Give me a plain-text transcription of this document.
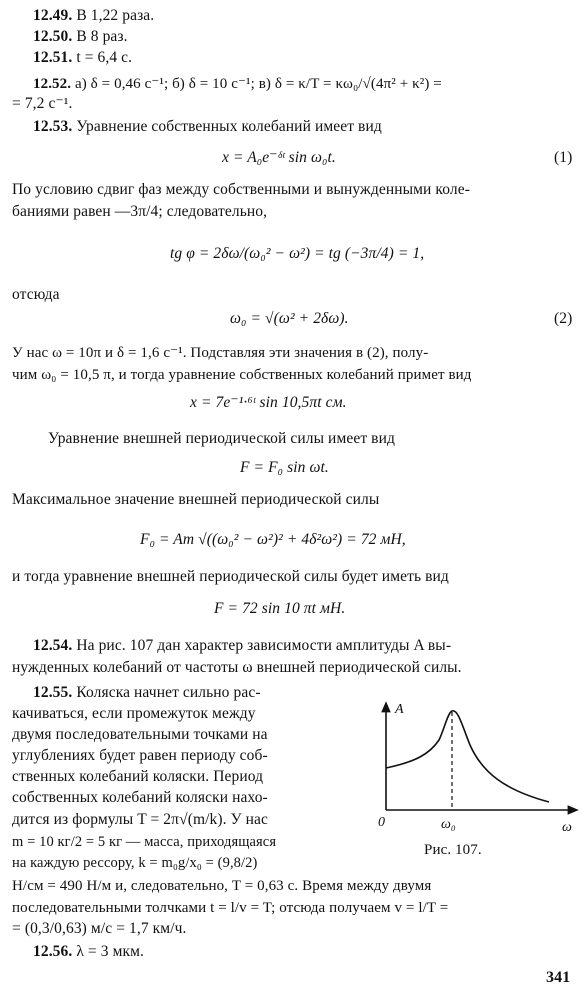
12.49. В 1,22 раза.
12.50. В 8 раз.
12.51. t = 6,4 с.
12.52. а) δ = 0,46 с⁻¹; б) δ = 10 с⁻¹; в) δ = κ/T = κω₀/√(4π² + κ²) =
= 7,2 с⁻¹.
12.53. Уравнение собственных колебаний имеет вид
x = A₀e⁻ᵟᵗ sin ω₀t.	(1)
По условию сдвиг фаз между собственными и вынужденными коле-
баниями равен —3π/4; следовательно,
tg φ = 2δω/(ω₀² − ω²) = tg (−3π/4) = 1,
отсюда
ω₀ = √(ω² + 2δω).	(2)
У нас ω = 10π и δ = 1,6 с⁻¹. Подставляя эти значения в (2), полу-
чим ω₀ = 10,5 π, и тогда уравнение собственных колебаний примет вид
x = 7e⁻¹·⁶ᵗ sin 10,5πt см.
Уравнение внешней периодической силы имеет вид
F = F₀ sin ωt.
Максимальное значение внешней периодической силы
F₀ = Am √((ω₀² − ω²)² + 4δ²ω²) = 72 мН,
и тогда уравнение внешней периодической силы будет иметь вид
F = 72 sin 10 πt мН.
12.54. На рис. 107 дан характер зависимости амплитуды A вы-
нужденных колебаний от частоты ω внешней периодической силы.
12.55. Коляска начнет сильно рас-
качиваться, если промежуток между
двумя последовательными точками на
углублениях будет равен периоду соб-
ственных колебаний коляски. Период
собственных колебаний коляски нахо-
дится из формулы T = 2π√(m/k). У нас
m = 10 кг/2 = 5 кг — масса, приходящаяся
на каждую рессору, k = m₀g/x₀ = (9,8/2)
Н/см = 490 Н/м и, следовательно, T = 0,63 с. Время между двумя
последовательными толчками t = l/v = T; отсюда получаем v = l/T =
= (0,3/0,63) м/с = 1,7 км/ч.
12.56. λ = 3 мкм.
A
0	ω₀	ω
Рис. 107.
341
